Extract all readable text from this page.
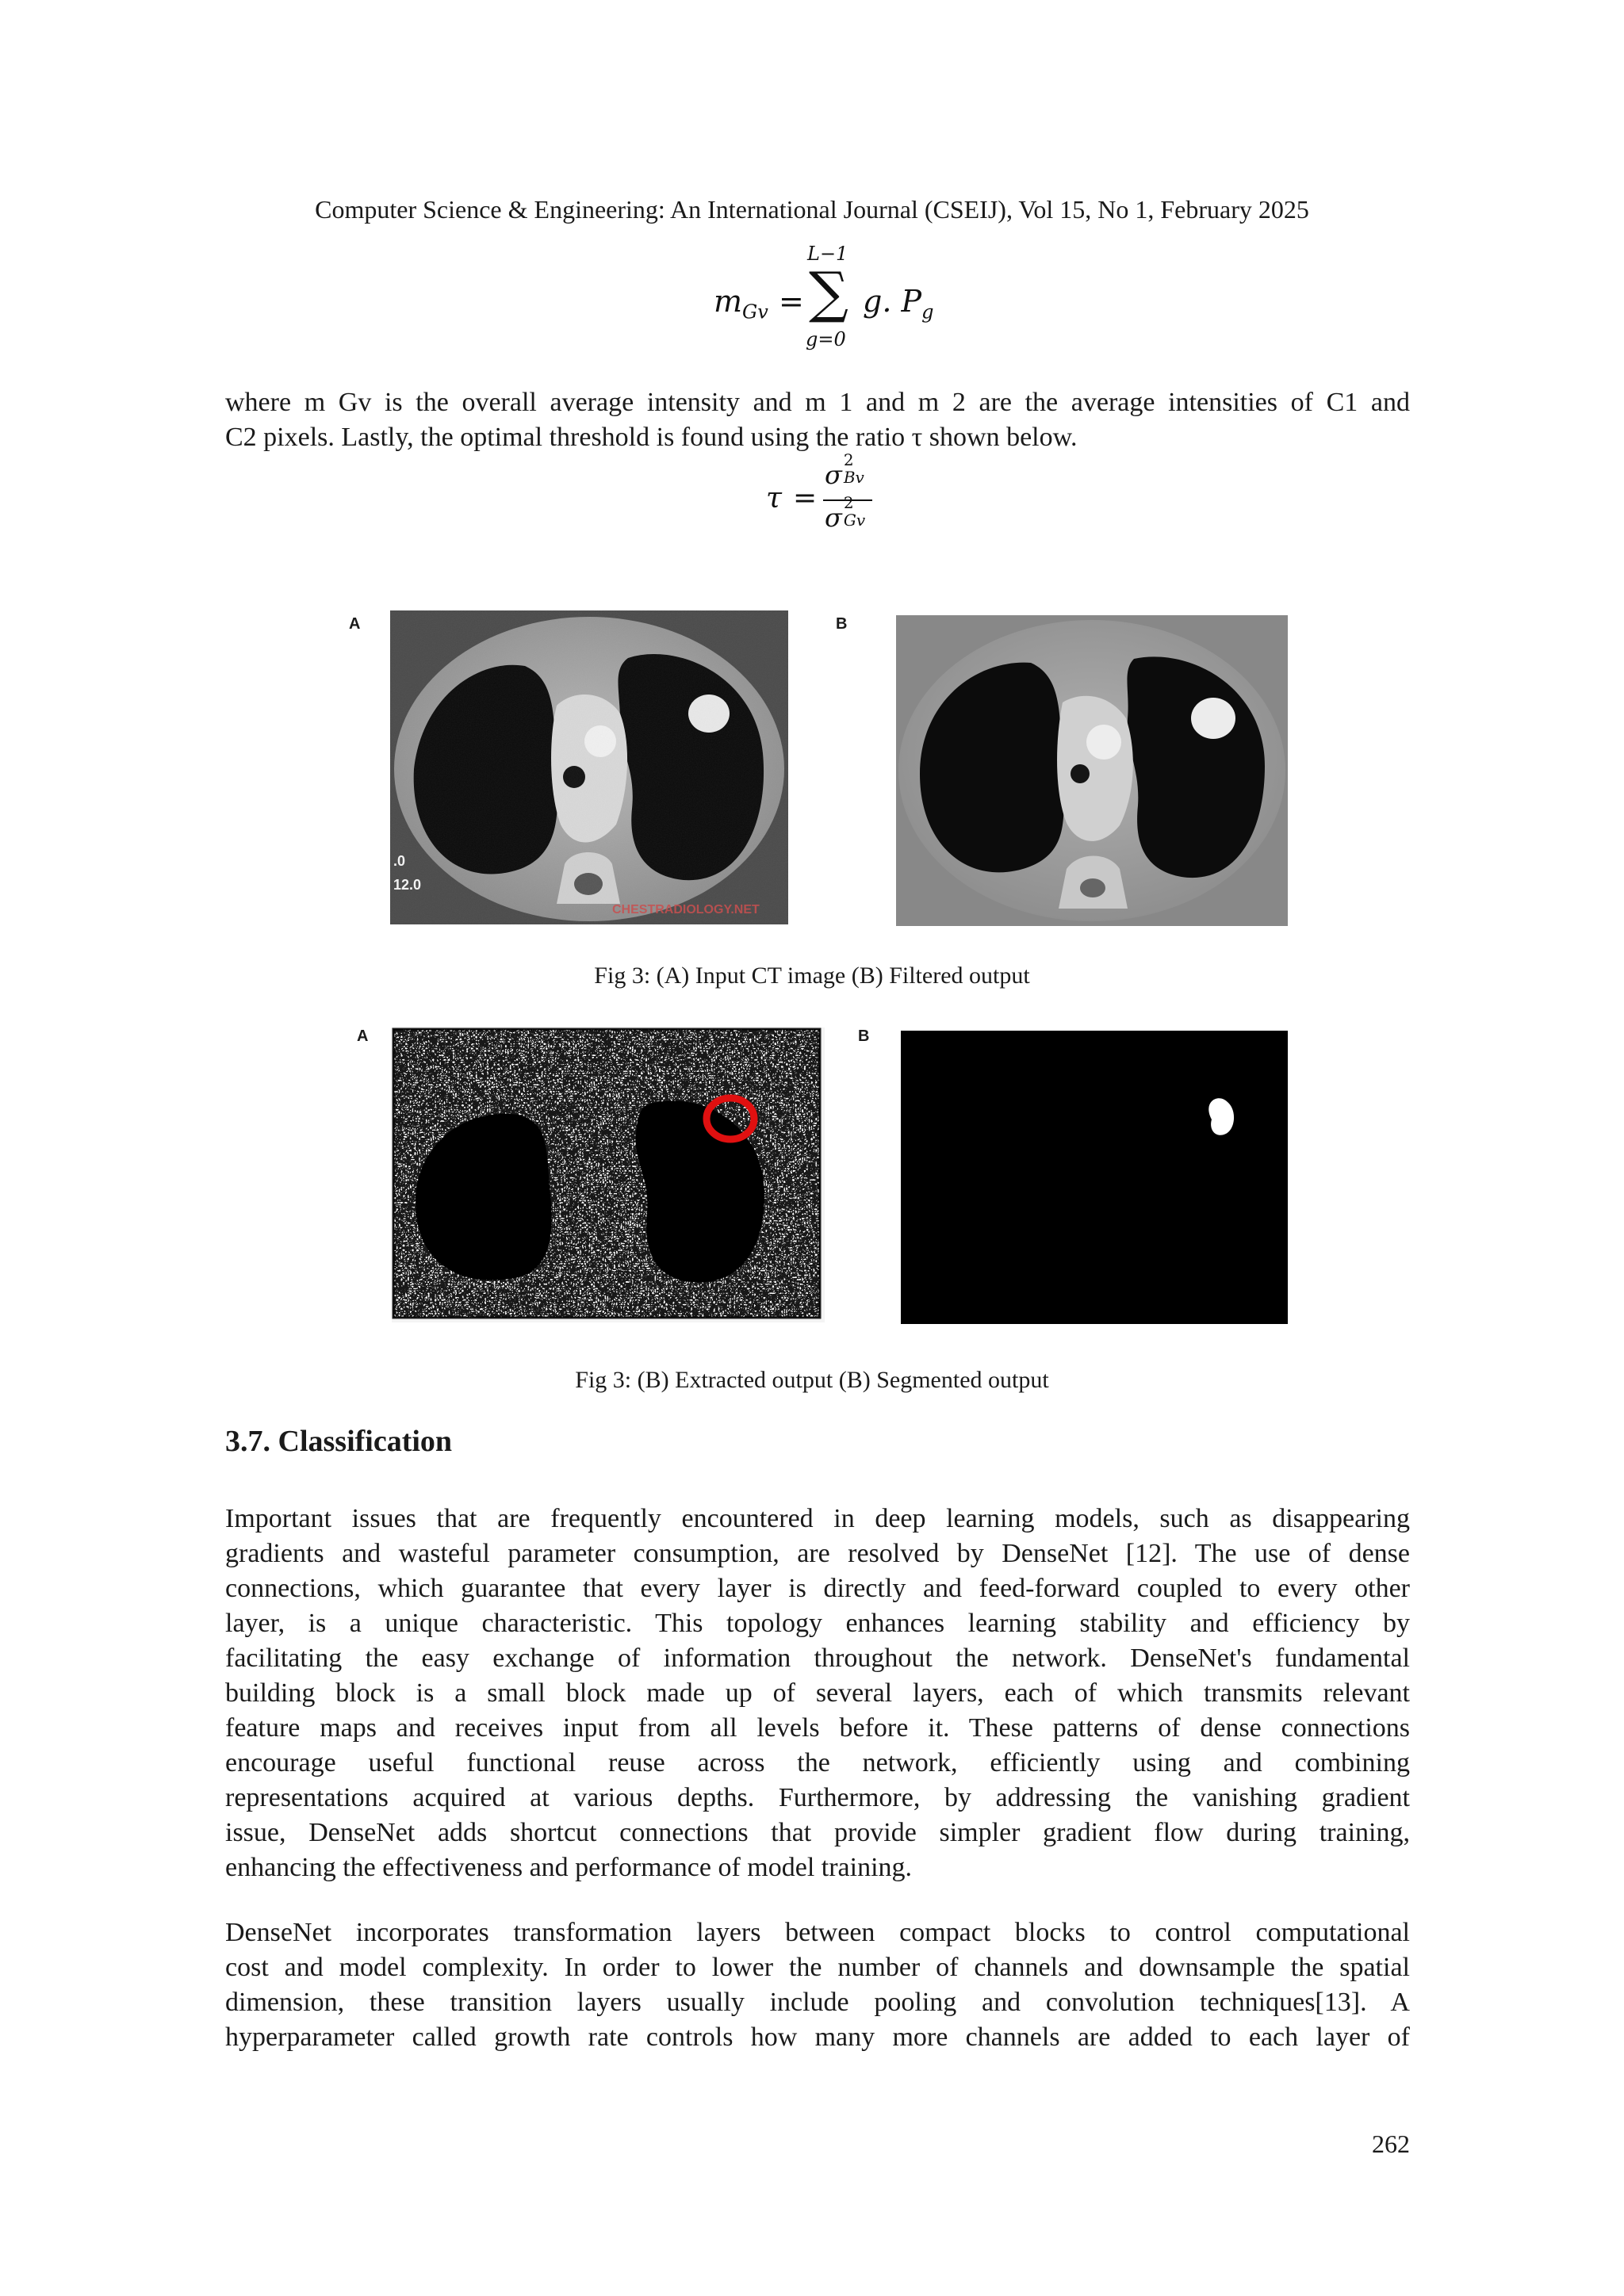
Computer Science & Engineering: An International Journal (CSEIJ), Vol 15, No 1, February 2025
$m_{Gv}$ =
L−1
∑
g=0
g. $P_g$
where m Gv is the overall average intensity and m 1 and m 2 are the average intensities of C1 and
C2 pixels. Lastly, the optimal threshold is found using the ratio τ shown below.
τ =
σ 2
Bv
σ 2
Gv
A	B
.0
12.0
CHESTRADIOLOGY.NET
Fig 3: (A) Input CT image (B) Filtered output
A	B
Fig 3: (B) Extracted output (B) Segmented output
3.7. Classification
Important issues that are frequently encountered in deep learning models, such as disappearing
gradients and wasteful parameter consumption, are resolved by DenseNet [12]. The use of dense
connections, which guarantee that every layer is directly and feed-forward coupled to every other
layer, is a unique characteristic. This topology enhances learning stability and efficiency by
facilitating the easy exchange of information throughout the network. DenseNet's fundamental
building block is a small block made up of several layers, each of which transmits relevant
feature maps and receives input from all levels before it. These patterns of dense connections
encourage useful functional reuse across the network, efficiently using and combining
representations acquired at various depths. Furthermore, by addressing the vanishing gradient
issue, DenseNet adds shortcut connections that provide simpler gradient flow during training,
enhancing the effectiveness and performance of model training.
DenseNet incorporates transformation layers between compact blocks to control computational
cost and model complexity. In order to lower the number of channels and downsample the spatial
dimension, these transition layers usually include pooling and convolution techniques[13]. A
hyperparameter called growth rate controls how many more channels are added to each layer of
262
